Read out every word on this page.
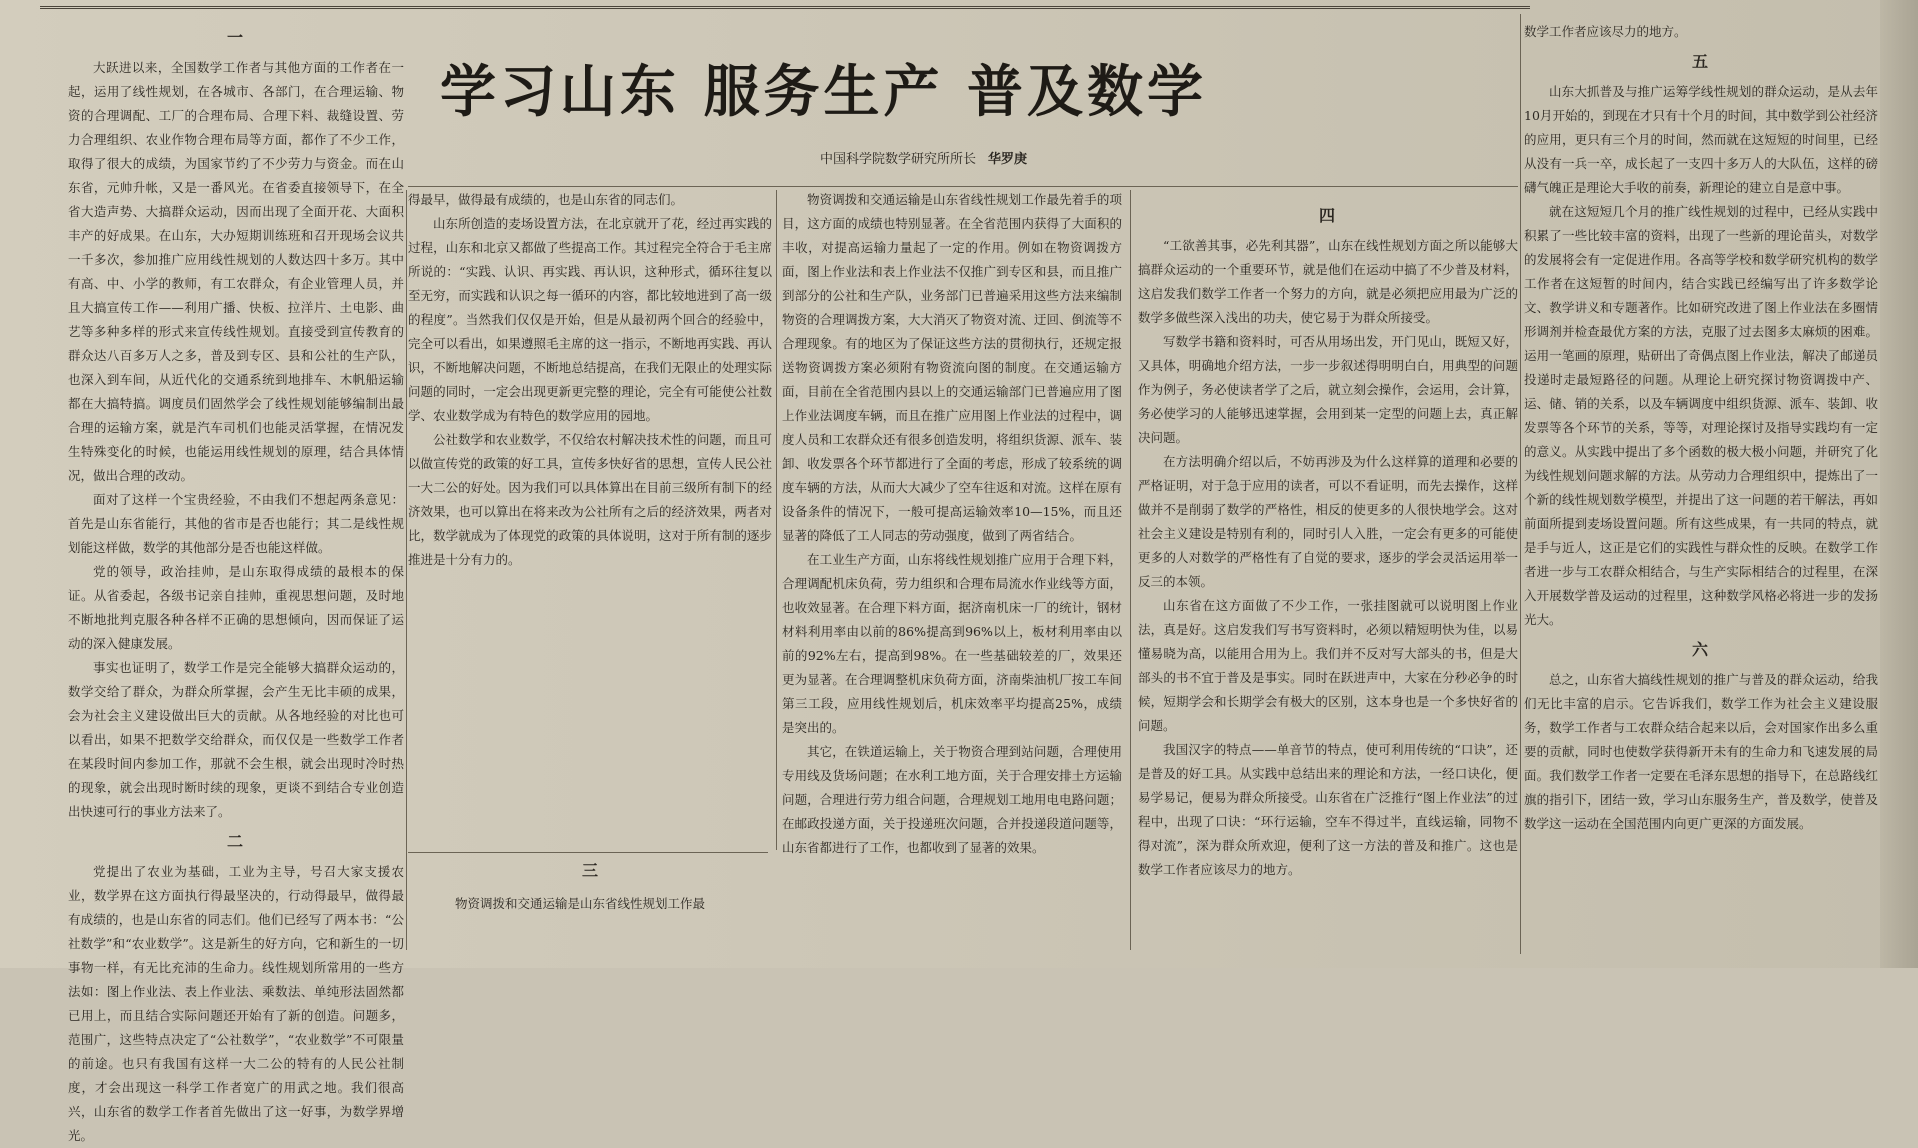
一

大跃进以来，全国数学工作者与其他方面的工作者在一起，运用了线性规划，在各城市、各部门，在合理运输、物资的合理调配、工厂的合理布局、合理下料、裁缝设置、劳力合理组织、农业作物合理布局等方面，都作了不少工作，取得了很大的成绩，为国家节约了不少劳力与资金。而在山东省，元帅升帐，又是一番风光。在省委直接领导下，在全省大造声势、大搞群众运动，因而出现了全面开花、大面积丰产的好成果。在山东，大办短期训练班和召开现场会议共一千多次，参加推广应用线性规划的人数达四十多万。其中有高、中、小学的教师，有工农群众，有企业管理人员，并且大搞宣传工作——利用广播、快板、拉洋片、土电影、曲艺等多种多样的形式来宣传线性规划。直接受到宣传教育的群众达八百多万人之多，普及到专区、县和公社的生产队，也深入到车间，从近代化的交通系统到地排车、木帆船运输都在大搞特搞。调度员们固然学会了线性规划能够编制出最合理的运输方案，就是汽车司机们也能灵活掌握，在情况发生特殊变化的时候，也能运用线性规划的原理，结合具体情况，做出合理的改动。

面对了这样一个宝贵经验，不由我们不想起两条意见：首先是山东省能行，其他的省市是否也能行；其二是线性规划能这样做，数学的其他部分是否也能这样做。

党的领导，政治挂帅，是山东取得成绩的最根本的保证。从省委起，各级书记亲自挂帅，重视思想问题，及时地不断地批判克服各种各样不正确的思想倾向，因而保证了运动的深入健康发展。

事实也证明了，数学工作是完全能够大搞群众运动的，数学交给了群众，为群众所掌握，会产生无比丰硕的成果，会为社会主义建设做出巨大的贡献。从各地经验的对比也可以看出，如果不把数学交给群众，而仅仅是一些数学工作者在某段时间内参加工作，那就不会生根，就会出现时冷时热的现象，就会出现时断时续的现象，更谈不到结合专业创造出快速可行的事业方法来了。

二

党提出了农业为基础，工业为主导，号召大家支援农业，数学界在这方面执行得最坚决的，行动得最早，做得最有成绩的，也是山东省的同志们。他们已经写了两本书：“公社数学”和“农业数学”。这是新生的好方向，它和新生的一切事物一样，有无比充沛的生命力。线性规划所常用的一些方法如：图上作业法、表上作业法、乘数法、单纯形法固然都已用上，而且结合实际问题还开始有了新的创造。问题多，范围广，这些特点决定了“公社数学”，“农业数学”不可限量的前途。也只有我国有这样一大二公的特有的人民公社制度，才会出现这一科学工作者宽广的用武之地。我们很高兴，山东省的数学工作者首先做出了这一好事，为数学界增光。

学习山东 服务生产 普及数学
中国科学院数学研究所所长 华罗庚

得最早，做得最有成绩的，也是山东省的同志们。

山东所创造的麦场设置方法，在北京就开了花，经过再实践的过程，山东和北京又都做了些提高工作。其过程完全符合于毛主席所说的：“实践、认识、再实践、再认识，这种形式，循环往复以至无穷，而实践和认识之每一循环的内容，都比较地进到了高一级的程度”。当然我们仅仅是开始，但是从最初两个回合的经验中，完全可以看出，如果遵照毛主席的这一指示，不断地再实践、再认识，不断地解决问题，不断地总结提高，在我们无限止的处理实际问题的同时，一定会出现更新更完整的理论，完全有可能使公社数学、农业数学成为有特色的数学应用的园地。

公社数学和农业数学，不仅给农村解决技术性的问题，而且可以做宣传党的政策的好工具，宣传多快好省的思想，宣传人民公社一大二公的好处。因为我们可以具体算出在目前三级所有制下的经济效果，也可以算出在将来改为公社所有之后的经济效果，两者对比，数学就成为了体现党的政策的具体说明，这对于所有制的逐步推进是十分有力的。

物资调拨和交通运输是山东省线性规划工作最先着手的项目，这方面的成绩也特别显著。在全省范围内获得了大面积的丰收，对提高运输力量起了一定的作用。例如在物资调拨方面，图上作业法和表上作业法不仅推广到专区和县，而且推广到部分的公社和生产队，业务部门已普遍采用这些方法来编制物资的合理调拨方案，大大消灭了物资对流、迂回、倒流等不合理现象。有的地区为了保证这些方法的贯彻执行，还规定报送物资调拨方案必须附有物资流向图的制度。在交通运输方面，目前在全省范围内县以上的交通运输部门已普遍应用了图上作业法调度车辆，而且在推广应用图上作业法的过程中，调度人员和工农群众还有很多创造发明，将组织货源、派车、装卸、收发票各个环节都进行了全面的考虑，形成了较系统的调度车辆的方法，从而大大减少了空车往返和对流。这样在原有设备条件的情况下，一般可提高运输效率10—15%，而且还显著的降低了工人同志的劳动强度，做到了两省结合。

在工业生产方面，山东将线性规划推广应用于合理下料，合理调配机床负荷，劳力组织和合理布局流水作业线等方面，也收效显著。在合理下料方面，据济南机床一厂的统计，钢材材料利用率由以前的86%提高到96%以上，板材利用率由以前的92%左右，提高到98%。在一些基础较差的厂，效果还更为显著。在合理调整机床负荷方面，济南柴油机厂按工车间第三工段，应用线性规划后，机床效率平均提高25%，成绩是突出的。

其它，在铁道运输上，关于物资合理到站问题，合理使用专用线及货场问题；在水利工地方面，关于合理安排土方运输问题，合理进行劳力组合问题，合理规划工地用电电路问题；在邮政投递方面，关于投递班次问题，合并投递段道问题等，山东省都进行了工作，也都收到了显著的效果。

三

物资调拨和交通运输是山东省线性规划工作最

四

“工欲善其事，必先利其器”，山东在线性规划方面之所以能够大搞群众运动的一个重要环节，就是他们在运动中搞了不少普及材料，这启发我们数学工作者一个努力的方向，就是必须把应用最为广泛的数学多做些深入浅出的功夫，使它易于为群众所接受。

写数学书籍和资料时，可否从用场出发，开门见山，既短又好，又具体，明确地介绍方法，一步一步叙述得明明白白，用典型的问题作为例子，务必使读者学了之后，就立刻会操作，会运用，会计算，务必使学习的人能够迅速掌握，会用到某一定型的问题上去，真正解决问题。

在方法明确介绍以后，不妨再涉及为什么这样算的道理和必要的严格证明，对于急于应用的读者，可以不看证明，而先去操作，这样做并不是削弱了数学的严格性，相反的使更多的人很快地学会。这对社会主义建设是特别有利的，同时引人入胜，一定会有更多的可能使更多的人对数学的严格性有了自觉的要求，逐步的学会灵活运用举一反三的本领。

山东省在这方面做了不少工作，一张挂图就可以说明图上作业法，真是好。这启发我们写书写资料时，必须以精短明快为佳，以易懂易晓为高，以能用合用为上。我们并不反对写大部头的书，但是大部头的书不宜于普及是事实。同时在跃进声中，大家在分秒必争的时候，短期学会和长期学会有极大的区别，这本身也是一个多快好省的问题。

我国汉字的特点——单音节的特点，使可利用传统的“口诀”，还是普及的好工具。从实践中总结出来的理论和方法，一经口诀化，便易学易记，便易为群众所接受。山东省在广泛推行“图上作业法”的过程中，出现了口诀：“环行运输，空车不得过半，直线运输，同物不得对流”，深为群众所欢迎，便利了这一方法的普及和推广。这也是数学工作者应该尽力的地方。

数学工作者应该尽力的地方。

五

山东大抓普及与推广运筹学线性规划的群众运动，是从去年10月开始的，到现在才只有十个月的时间，其中数学到公社经济的应用，更只有三个月的时间，然而就在这短短的时间里，已经从没有一兵一卒，成长起了一支四十多万人的大队伍，这样的磅礴气魄正是理论大手收的前奏，新理论的建立自是意中事。

就在这短短几个月的推广线性规划的过程中，已经从实践中积累了一些比较丰富的资料，出现了一些新的理论苗头，对数学的发展将会有一定促进作用。各高等学校和数学研究机构的数学工作者在这短暂的时间内，结合实践已经编写出了许多数学论文、教学讲义和专题著作。比如研究改进了图上作业法在多圈情形调剂并检查最优方案的方法，克服了过去图多太麻烦的困难。运用一笔画的原理，贴研出了奇偶点图上作业法，解决了邮递员投递时走最短路径的问题。从理论上研究探讨物资调拨中产、运、储、销的关系，以及车辆调度中组织货源、派车、装卸、收发票等各个环节的关系，等等，对理论探讨及指导实践均有一定的意义。从实践中提出了多个函数的极大极小问题，并研究了化为线性规划问题求解的方法。从劳动力合理组织中，提炼出了一个新的线性规划数学模型，并提出了这一问题的若干解法，再如前面所提到麦场设置问题。所有这些成果，有一共同的特点，就是手与近人，这正是它们的实践性与群众性的反映。在数学工作者进一步与工农群众相结合，与生产实际相结合的过程里，在深入开展数学普及运动的过程里，这种数学风格必将进一步的发扬光大。

六

总之，山东省大搞线性规划的推广与普及的群众运动，给我们无比丰富的启示。它告诉我们，数学工作为社会主义建设服务，数学工作者与工农群众结合起来以后，会对国家作出多么重要的贡献，同时也使数学获得新开未有的生命力和飞速发展的局面。我们数学工作者一定要在毛泽东思想的指导下，在总路线红旗的指引下，团结一致，学习山东服务生产，普及数学，使普及数学这一运动在全国范围内向更广更深的方面发展。
